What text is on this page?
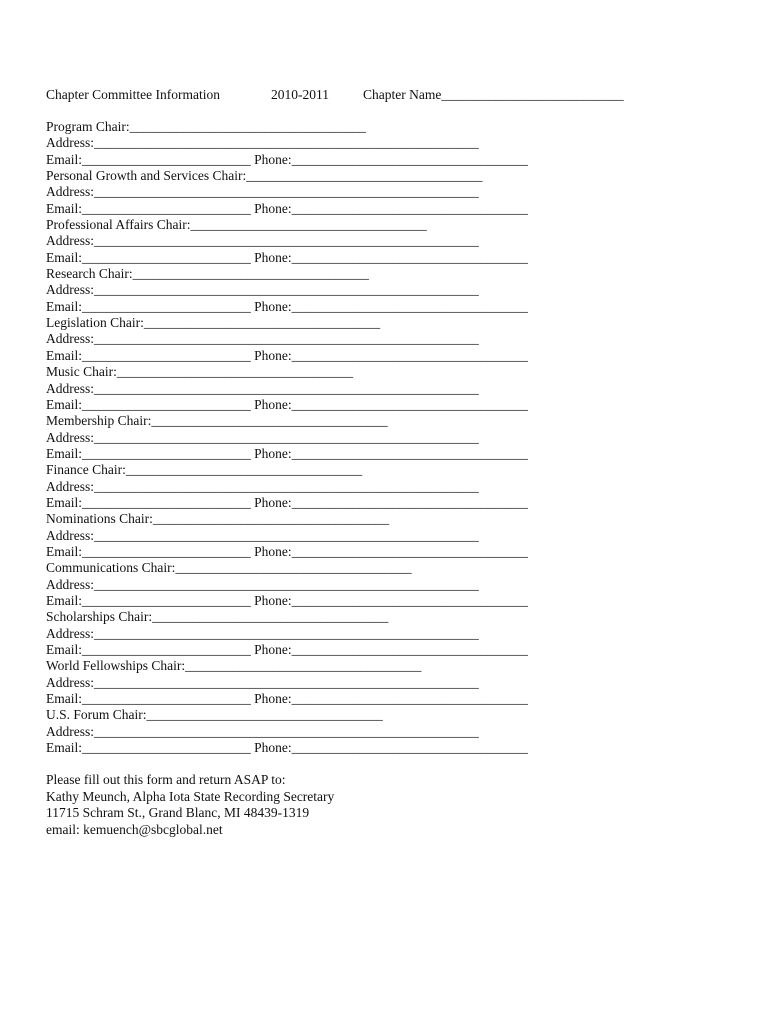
Chapter Committee Information	2010-2011	Chapter Name___________________________
Program Chair:___________________________________
Address:_________________________________________________________
Email:_________________________ Phone:___________________________________
Personal Growth and Services Chair:___________________________________
Address:_________________________________________________________
Email:_________________________ Phone:___________________________________
Professional Affairs Chair:___________________________________
Address:_________________________________________________________
Email:_________________________ Phone:___________________________________
Research Chair:___________________________________
Address:_________________________________________________________
Email:_________________________ Phone:___________________________________
Legislation Chair:___________________________________
Address:_________________________________________________________
Email:_________________________ Phone:___________________________________
Music Chair:___________________________________
Address:_________________________________________________________
Email:_________________________ Phone:___________________________________
Membership Chair:___________________________________
Address:_________________________________________________________
Email:_________________________ Phone:___________________________________
Finance Chair:___________________________________
Address:_________________________________________________________
Email:_________________________ Phone:___________________________________
Nominations Chair:___________________________________
Address:_________________________________________________________
Email:_________________________ Phone:___________________________________
Communications Chair:___________________________________
Address:_________________________________________________________
Email:_________________________ Phone:___________________________________
Scholarships Chair:___________________________________
Address:_________________________________________________________
Email:_________________________ Phone:___________________________________
World Fellowships Chair:___________________________________
Address:_________________________________________________________
Email:_________________________ Phone:___________________________________
U.S. Forum Chair:___________________________________
Address:_________________________________________________________
Email:_________________________ Phone:___________________________________
Please fill out this form and return ASAP to:
Kathy Meunch, Alpha Iota State Recording Secretary
11715 Schram St., Grand Blanc, MI 48439-1319
email: kemuench@sbcglobal.net
